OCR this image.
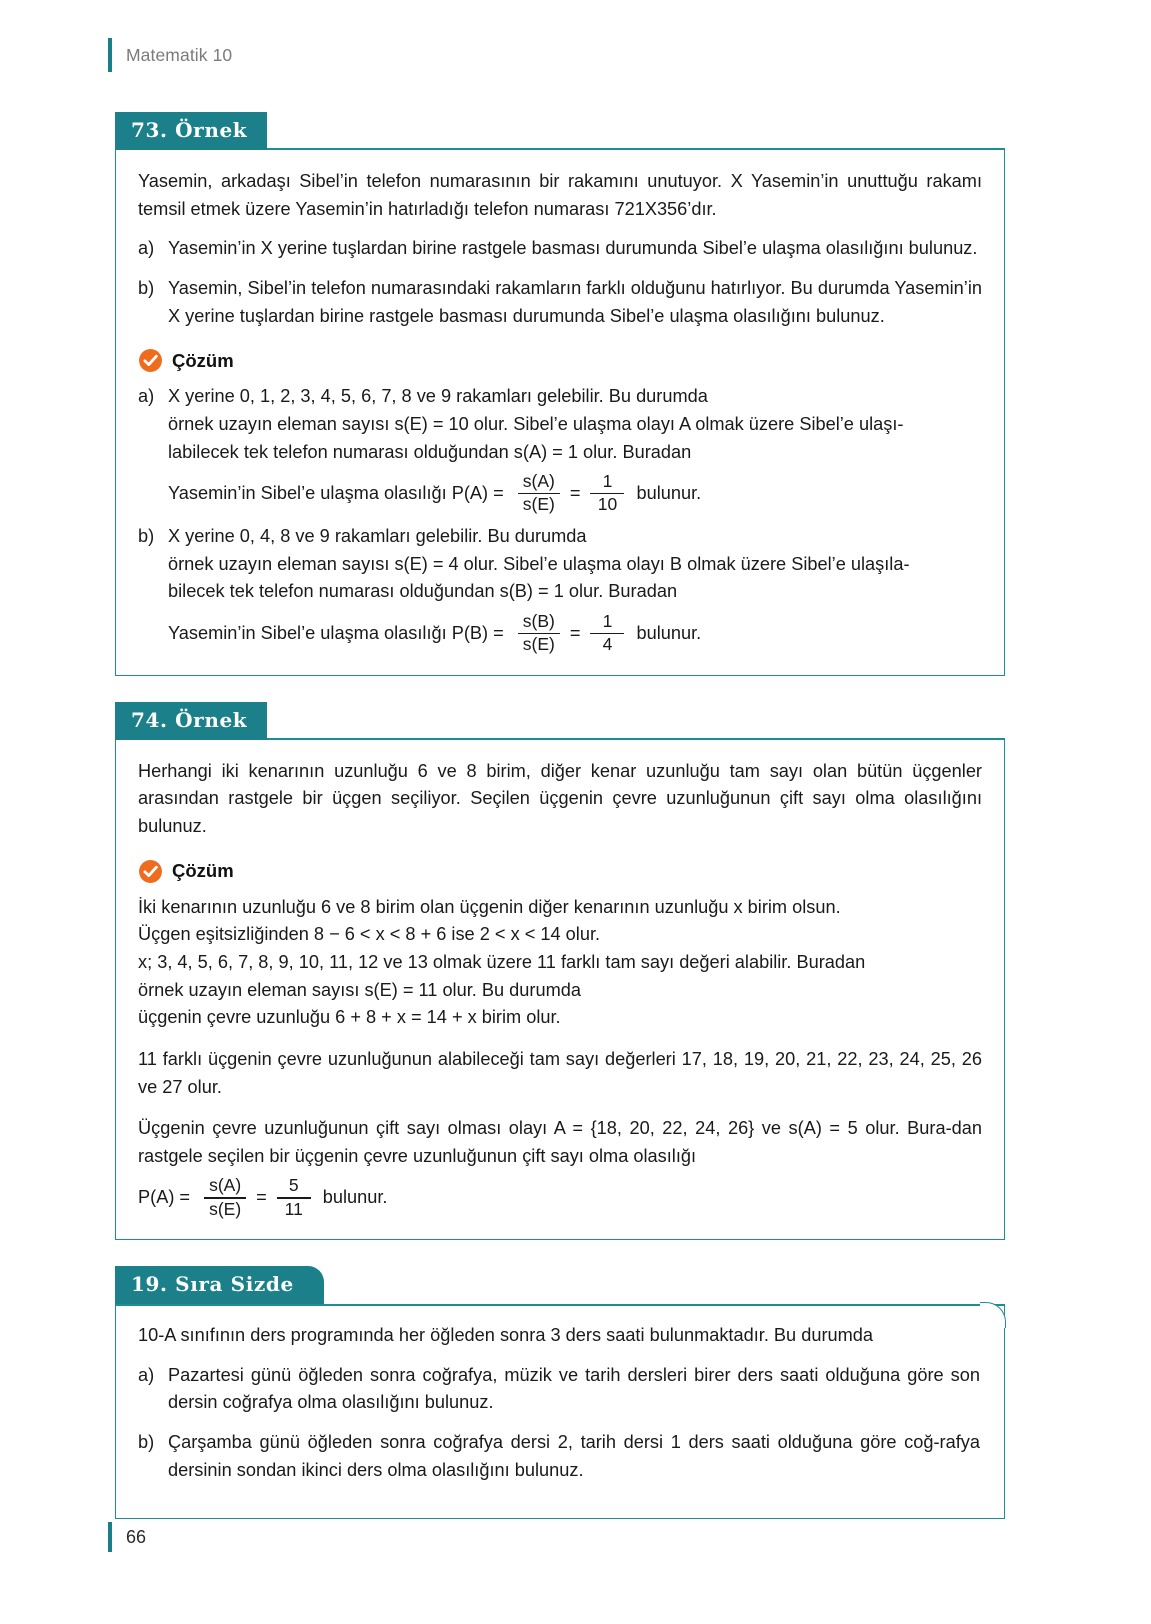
Matematik 10
73. Örnek

Yasemin, arkadaşı Sibel’in telefon numarasının bir rakamını unutuyor. X Yasemin’in unuttuğu rakamı temsil etmek üzere Yasemin’in hatırladığı telefon numarası 721X356’dır.

a) Yasemin’in X yerine tuşlardan birine rastgele basması durumunda Sibel’e ulaşma olasılığını bulunuz.
b) Yasemin, Sibel’in telefon numarasındaki rakamların farklı olduğunu hatırlıyor. Bu durumda Yasemin’in X yerine tuşlardan birine rastgele basması durumunda Sibel’e ulaşma olasılığını bulunuz.
Çözüm
a) X yerine 0, 1, 2, 3, 4, 5, 6, 7, 8 ve 9 rakamları gelebilir. Bu durumda
örnek uzayın eleman sayısı s(E) = 10 olur. Sibel’e ulaşma olayı A olmak üzere Sibel’e ulaşı-
labilecek tek telefon numarası olduğundan s(A) = 1 olur. Buradan
Yasemin’in Sibel’e ulaşma olasılığı $P(A) = \frac{s(A)}{s(E)} = \frac{1}{10}$ bulunur.
b) X yerine 0, 4, 8 ve 9 rakamları gelebilir. Bu durumda
örnek uzayın eleman sayısı s(E) = 4 olur. Sibel’e ulaşma olayı B olmak üzere Sibel’e ulaşıla-
bilecek tek telefon numarası olduğundan s(B) = 1 olur. Buradan
Yasemin’in Sibel’e ulaşma olasılığı $P(B) = \frac{s(B)}{s(E)} = \frac{1}{4}$ bulunur.
74. Örnek

Herhangi iki kenarının uzunluğu 6 ve 8 birim, diğer kenar uzunluğu tam sayı olan bütün üçgenler arasından rastgele bir üçgen seçiliyor. Seçilen üçgenin çevre uzunluğunun çift sayı olma olasılığını bulunuz.

Çözüm

İki kenarının uzunluğu 6 ve 8 birim olan üçgenin diğer kenarının uzunluğu x birim olsun.

Üçgen eşitsizliğinden 8 − 6 < x < 8 + 6 ise 2 < x < 14 olur.

x; 3, 4, 5, 6, 7, 8, 9, 10, 11, 12 ve 13 olmak üzere 11 farklı tam sayı değeri alabilir. Buradan

örnek uzayın eleman sayısı s(E) = 11 olur. Bu durumda

üçgenin çevre uzunluğu 6 + 8 + x = 14 + x birim olur.

11 farklı üçgenin çevre uzunluğunun alabileceği tam sayı değerleri 17, 18, 19, 20, 21, 22, 23, 24, 25, 26 ve 27 olur.

Üçgenin çevre uzunluğunun çift sayı olması olayı A = {18, 20, 22, 24, 26} ve s(A) = 5 olur. Bura-dan rastgele seçilen bir üçgenin çevre uzunluğunun çift sayı olma olasılığı

$P(A) = \frac{s(A)}{s(E)} = \frac{5}{11}$ bulunur.
19. Sıra Sizde

10-A sınıfının ders programında her öğleden sonra 3 ders saati bulunmaktadır. Bu durumda

a) Pazartesi günü öğleden sonra coğrafya, müzik ve tarih dersleri birer ders saati olduğuna göre son dersin coğrafya olma olasılığını bulunuz.
b) Çarşamba günü öğleden sonra coğrafya dersi 2, tarih dersi 1 ders saati olduğuna göre coğ-rafya dersinin sondan ikinci ders olma olasılığını bulunuz.
66
